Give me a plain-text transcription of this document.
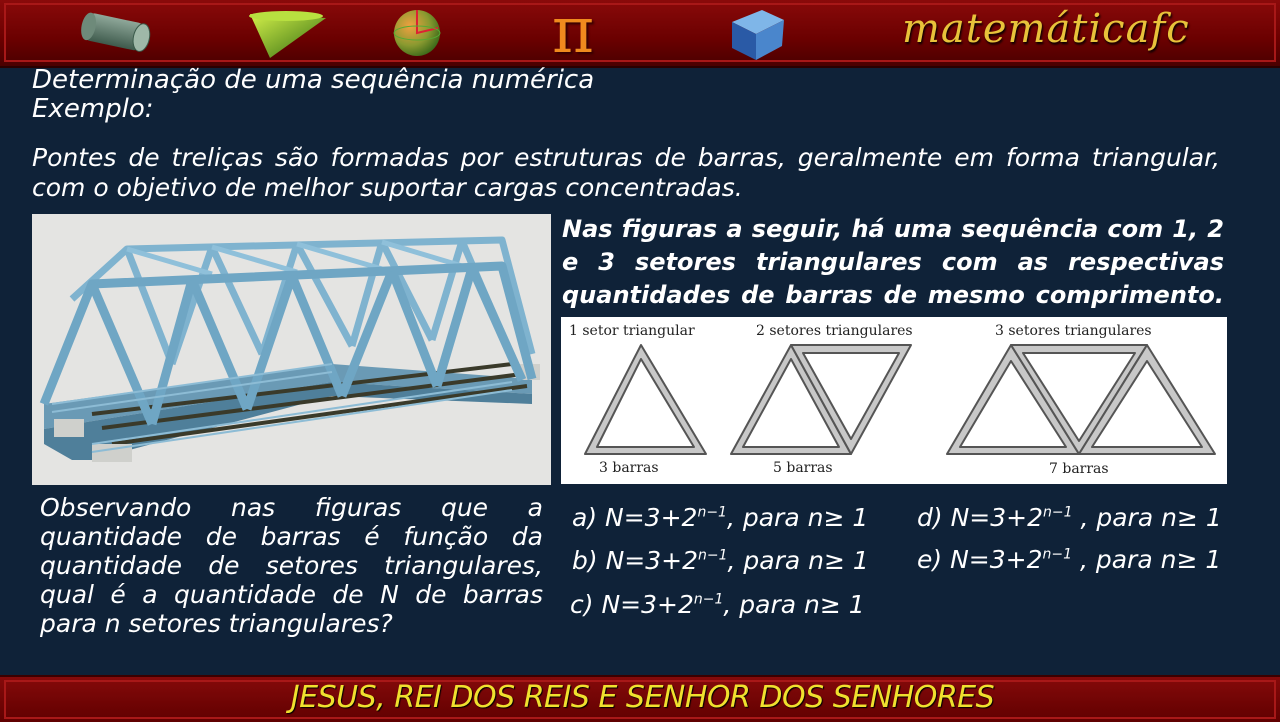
π	matemáticafc
Determinação de uma sequência numérica
Exemplo:
Pontes de treliças são formadas por estruturas de barras, geralmente em forma triangular, com o objetivo de melhor suportar cargas concentradas.
Nas figuras a seguir, há uma sequência com 1, 2 e 3 setores triangulares com as respectivas quantidades de barras de mesmo comprimento.
1 setor triangular	2 setores triangulares	3 setores triangulares
3 barras	5 barras	7 barras
Observando nas figuras que a quantidade de barras é função da quantidade de setores triangulares, qual é a quantidade de N de barras para n setores triangulares?
a) $N=3+2^{n-1}$, para n≥ 1
b) $N=3+2^{n-1}$, para n≥ 1
c) $N=3+2^{n-1}$, para n≥ 1
d) $N=3+2^{n-1}$ , para n≥ 1
e) $N=3+2^{n-1}$ , para n≥ 1
JESUS, REI DOS REIS E SENHOR DOS SENHORES
